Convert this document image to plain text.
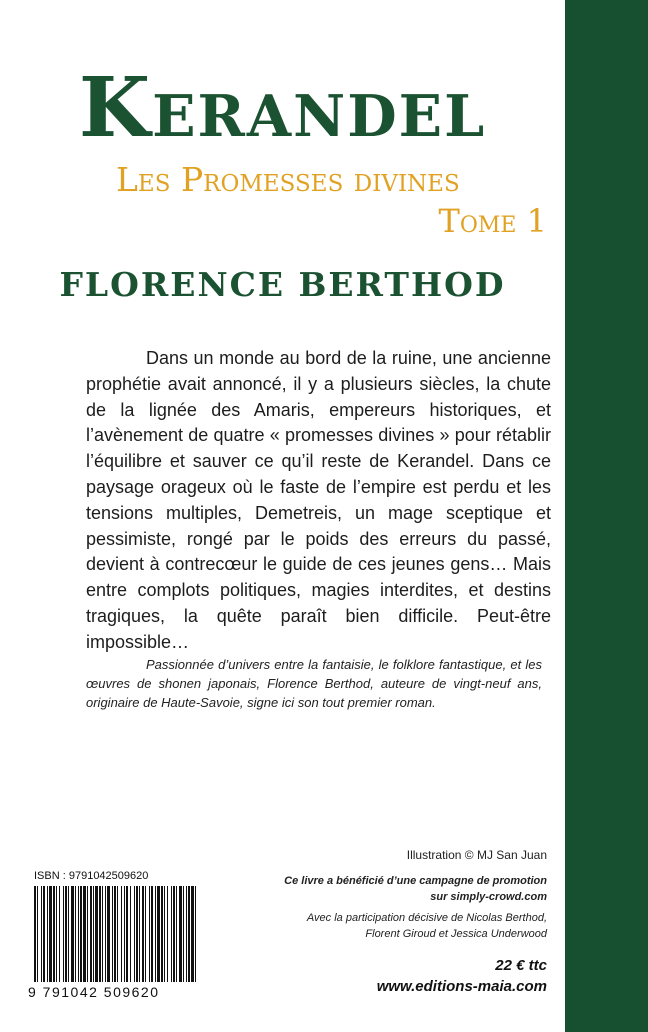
Kerandel
Les Promesses divines
Tome 1
FLORENCE BERTHOD

Dans un monde au bord de la ruine, une ancienne prophétie avait annoncé, il y a plusieurs siècles, la chute de la lignée des Amaris, empereurs historiques, et l’avènement de quatre « promesses divines » pour rétablir l’équilibre et sauver ce qu’il reste de Kerandel. Dans ce paysage orageux où le faste de l’empire est perdu et les tensions multiples, Demetreis, un mage sceptique et pessimiste, rongé par le poids des erreurs du passé, devient à contrecœur le guide de ces jeunes gens… Mais entre complots politiques, magies interdites, et destins tragiques, la quête paraît bien difficile. Peut-être impossible…

Passionnée d’univers entre la fantaisie, le folklore fantastique, et les œuvres de shonen japonais, Florence Berthod, auteure de vingt-neuf ans, originaire de Haute-Savoie, signe ici son tout premier roman.

Illustration © MJ San Juan
Ce livre a bénéficié d’une campagne de promotion
sur simply-crowd.com
Avec la participation décisive de Nicolas Berthod,
Florent Giroud et Jessica Underwood
22 € ttc
www.editions-maia.com
ISBN : 9791042509620
9 791042 509620
